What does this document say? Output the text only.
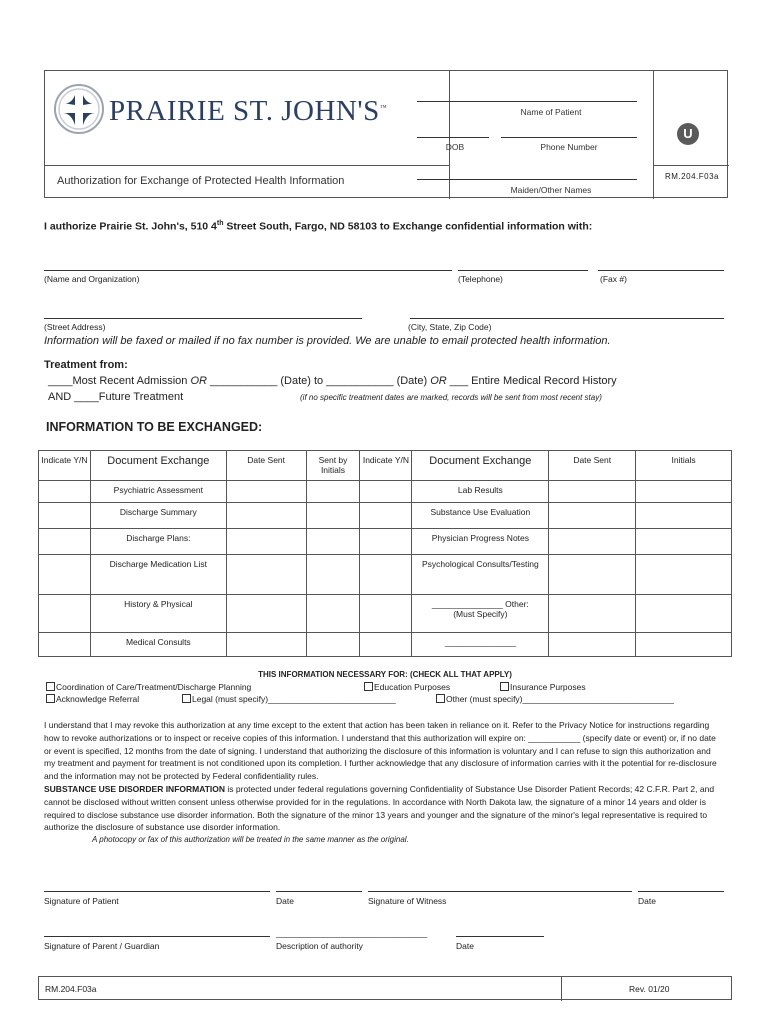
PRAIRIE ST. JOHN'S™
Authorization for Exchange of Protected Health Information
Name of Patient
DOB	Phone Number
Maiden/Other Names
U
RM.204.F03a
I authorize Prairie St. John's, 510 4th Street South, Fargo, ND 58103 to Exchange confidential information with:
(Name and Organization)	(Telephone)	(Fax #)
(Street Address)	(City, State, Zip Code)
Information will be faxed or mailed if no fax number is provided. We are unable to email protected health information.
Treatment from:
____Most Recent Admission OR ___________ (Date) to ___________ (Date) OR ___ Entire Medical Record History
AND ____Future Treatment	(if no specific treatment dates are marked, records will be sent from most recent stay)
INFORMATION TO BE EXCHANGED:
Indicate Y/N	Document Exchange	Date Sent	Sent by Initials	Indicate Y/N	Document Exchange	Date Sent	Initials
	Psychiatric Assessment				Lab Results		
	Discharge Summary				Substance Use Evaluation		
	Discharge Plans:				Physician Progress Notes		
	Discharge Medication List				Psychological Consults/Testing		
	History & Physical				_______________ Other: (Must Specify)		
	Medical Consults				_______________		
THIS INFORMATION NECESSARY FOR: (CHECK ALL THAT APPLY)
Coordination of Care/Treatment/Discharge Planning	Education Purposes	Insurance Purposes
Acknowledge Referral	Legal (must specify)___________________________	Other (must specify)________________________________
I understand that I may revoke this authorization at any time except to the extent that action has been taken in reliance on it. Refer to the Privacy Notice for instructions regarding how to revoke authorizations or to inspect or receive copies of this information. I understand that this authorization will expire on: ___________ (specify date or event) or, if no date or event is specified, 12 months from the date of signing. I understand that authorizing the disclosure of this information is voluntary and I can refuse to sign this authorization and my treatment and payment for treatment is not conditioned upon its completion. I further acknowledge that any disclosure of information carries with it the potential for re-disclosure and the information may not be protected by Federal confidentiality rules.
SUBSTANCE USE DISORDER INFORMATION is protected under federal regulations governing Confidentiality of Substance Use Disorder Patient Records; 42 C.F.R. Part 2, and cannot be disclosed without written consent unless otherwise provided for in the regulations. In accordance with North Dakota law, the signature of a minor 14 years and older is required to disclose substance use disorder information. Both the signature of the minor 13 years and younger and the signature of the minor's legal representative is required to authorize the disclosure of substance use disorder information.
A photocopy or fax of this authorization will be treated in the same manner as the original.
Signature of Patient	Date	Signature of Witness	Date
________________________________
Signature of Parent / Guardian	Description of authority	Date
RM.204.F03a	Rev. 01/20
